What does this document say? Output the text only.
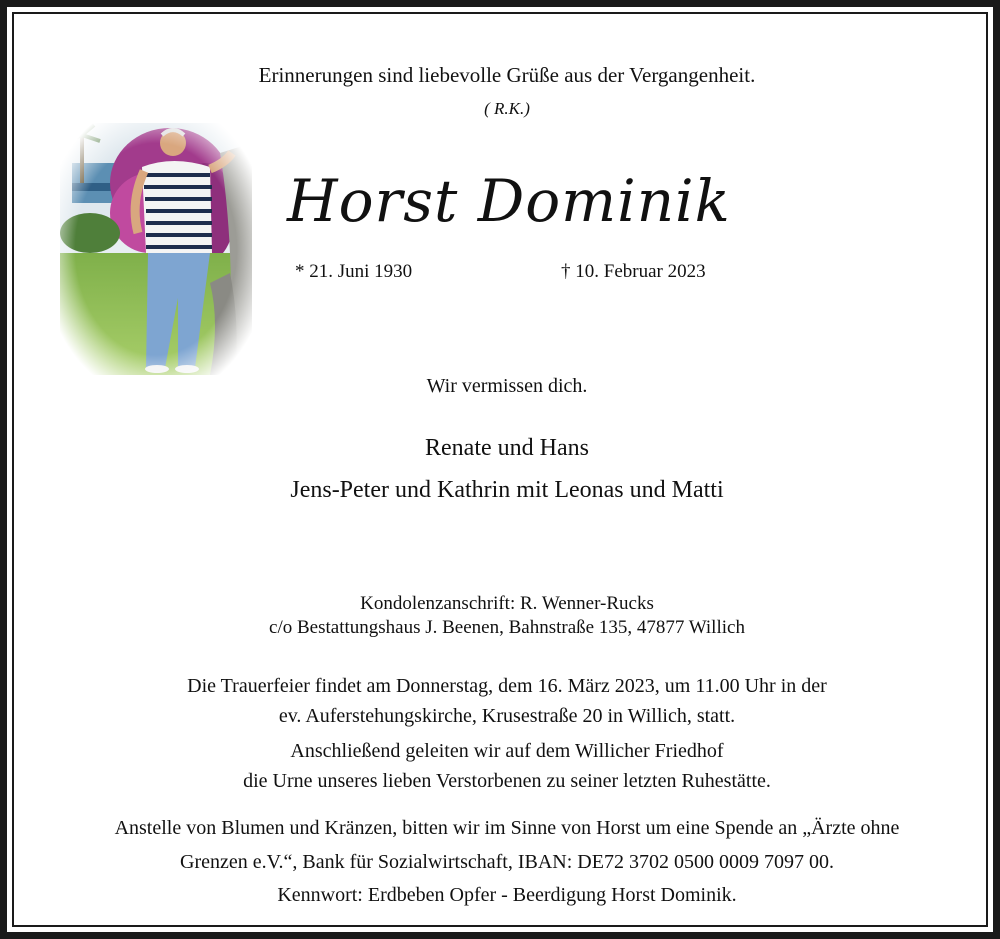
Erinnerungen sind liebevolle Grüße aus der Vergangenheit.
( R.K.)
Horst Dominik
* 21. Juni 1930	† 10. Februar 2023
Wir vermissen dich.
Renate und Hans
Jens-Peter und Kathrin mit Leonas und Matti
Kondolenzanschrift: R. Wenner-Rucks
c/o Bestattungshaus J. Beenen, Bahnstraße 135, 47877 Willich
Die Trauerfeier findet am Donnerstag, dem 16. März 2023, um 11.00 Uhr in der
ev. Auferstehungskirche, Krusestraße 20 in Willich, statt.
Anschließend geleiten wir auf dem Willicher Friedhof
die Urne unseres lieben Verstorbenen zu seiner letzten Ruhestätte.
Anstelle von Blumen und Kränzen, bitten wir im Sinne von Horst um eine Spende an „Ärzte ohne
Grenzen e.V.“, Bank für Sozialwirtschaft, IBAN: DE72 3702 0500 0009 7097 00.
Kennwort: Erdbeben Opfer - Beerdigung Horst Dominik.
